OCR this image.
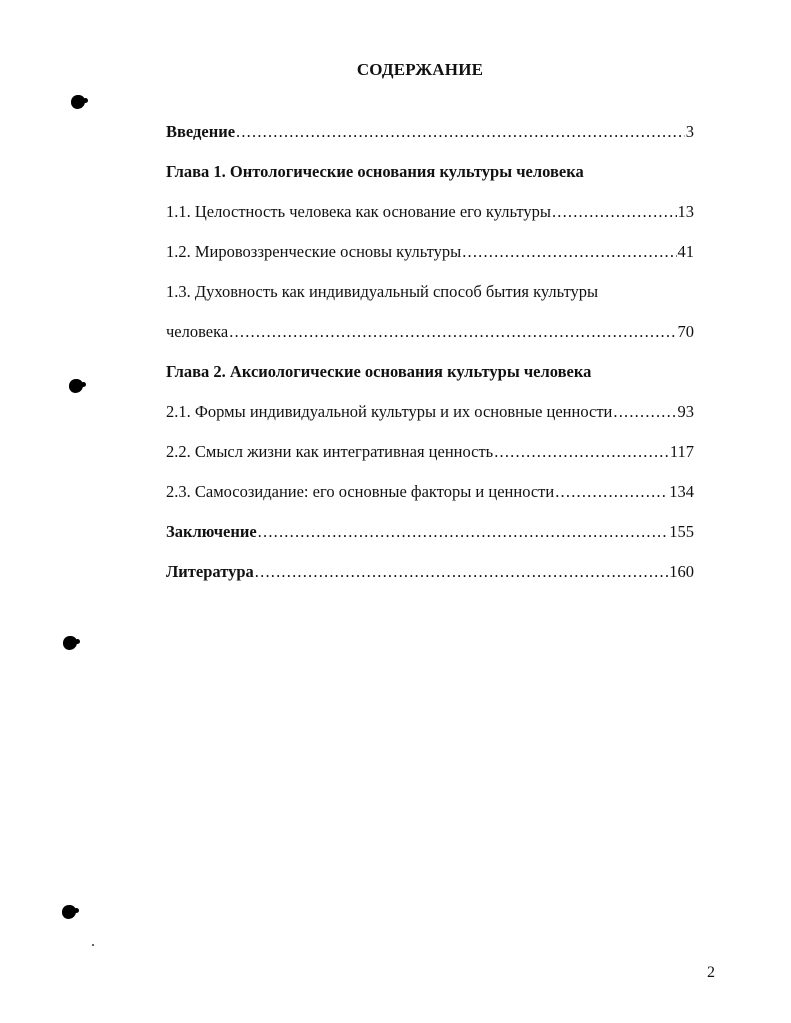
СОДЕРЖАНИЕ
Введение .....	3
Глава 1. Онтологические основания культуры человека
1.1. Целостность человека как основание его культуры .....	13
1.2. Мировоззренческие основы культуры .....	41
1.3. Духовность как индивидуальный способ бытия культуры
человека .....	70
Глава 2. Аксиологические основания культуры человека
2.1. Формы индивидуальной культуры и их основные ценности .....	93
2.2. Смысл жизни как интегративная ценность .....	117
2.3. Самосозидание: его основные факторы и ценности .....	134
Заключение .....	155
Литература .....	160
2
